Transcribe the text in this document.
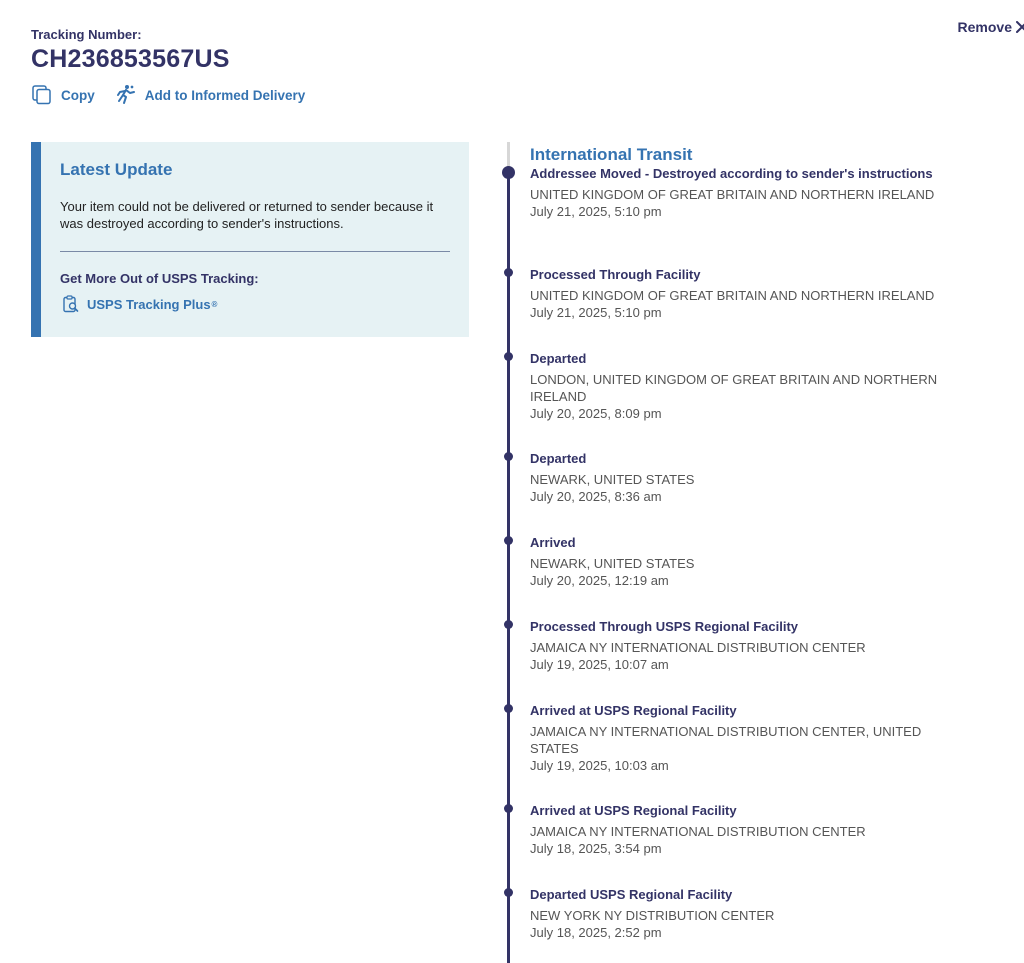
Tracking Number:
CH236853567US
Copy	Add to Informed Delivery
Remove
Latest Update

Your item could not be delivered or returned to sender because it was destroyed according to sender's instructions.

Get More Out of USPS Tracking:
USPS Tracking Plus ®
International Transit
Addressee Moved - Destroyed according to sender's instructions
UNITED KINGDOM OF GREAT BRITAIN AND NORTHERN IRELAND
July 21, 2025, 5:10 pm
Processed Through Facility
UNITED KINGDOM OF GREAT BRITAIN AND NORTHERN IRELAND
July 21, 2025, 5:10 pm
Departed
LONDON, UNITED KINGDOM OF GREAT BRITAIN AND NORTHERN IRELAND
July 20, 2025, 8:09 pm
Departed
NEWARK, UNITED STATES
July 20, 2025, 8:36 am
Arrived
NEWARK, UNITED STATES
July 20, 2025, 12:19 am
Processed Through USPS Regional Facility
JAMAICA NY INTERNATIONAL DISTRIBUTION CENTER
July 19, 2025, 10:07 am
Arrived at USPS Regional Facility
JAMAICA NY INTERNATIONAL DISTRIBUTION CENTER, UNITED STATES
July 19, 2025, 10:03 am
Arrived at USPS Regional Facility
JAMAICA NY INTERNATIONAL DISTRIBUTION CENTER
July 18, 2025, 3:54 pm
Departed USPS Regional Facility
NEW YORK NY DISTRIBUTION CENTER
July 18, 2025, 2:52 pm
